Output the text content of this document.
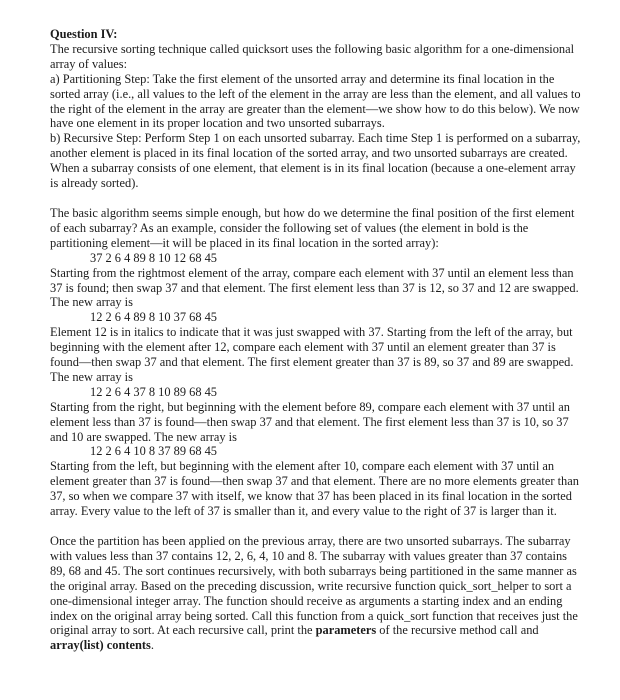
Question IV:

The recursive sorting technique called quicksort uses the following basic algorithm for a one-dimensional array of values:

a) Partitioning Step: Take the first element of the unsorted array and determine its final location in the sorted array (i.e., all values to the left of the element in the array are less than the element, and all values to the right of the element in the array are greater than the element—we show how to do this below). We now have one element in its proper location and two unsorted subarrays.

b) Recursive Step: Perform Step 1 on each unsorted subarray. Each time Step 1 is performed on a subarray, another element is placed in its final location of the sorted array, and two unsorted subarrays are created. When a subarray consists of one element, that element is in its final location (because a one-element array is already sorted).

The basic algorithm seems simple enough, but how do we determine the final position of the first element of each subarray? As an example, consider the following set of values (the element in bold is the partitioning element—it will be placed in its final location in the sorted array):

37 2 6 4 89 8 10 12 68 45

Starting from the rightmost element of the array, compare each element with 37 until an element less than 37 is found; then swap 37 and that element. The first element less than 37 is 12, so 37 and 12 are swapped. The new array is

12 2 6 4 89 8 10 37 68 45

Element 12 is in italics to indicate that it was just swapped with 37. Starting from the left of the array, but beginning with the element after 12, compare each element with 37 until an element greater than 37 is found—then swap 37 and that element. The first element greater than 37 is 89, so 37 and 89 are swapped. The new array is

12 2 6 4 37 8 10 89 68 45

Starting from the right, but beginning with the element before 89, compare each element with 37 until an element less than 37 is found—then swap 37 and that element. The first element less than 37 is 10, so 37 and 10 are swapped. The new array is

12 2 6 4 10 8 37 89 68 45

Starting from the left, but beginning with the element after 10, compare each element with 37 until an element greater than 37 is found—then swap 37 and that element. There are no more elements greater than 37, so when we compare 37 with itself, we know that 37 has been placed in its final location in the sorted array. Every value to the left of 37 is smaller than it, and every value to the right of 37 is larger than it.

Once the partition has been applied on the previous array, there are two unsorted subarrays. The subarray with values less than 37 contains 12, 2, 6, 4, 10 and 8. The subarray with values greater than 37 contains 89, 68 and 45. The sort continues recursively, with both subarrays being partitioned in the same manner as the original array. Based on the preceding discussion, write recursive function quick_sort_helper to sort a one-dimensional integer array. The function should receive as arguments a starting index and an ending index on the original array being sorted. Call this function from a quick_sort function that receives just the original array to sort. At each recursive call, print the parameters of the recursive method call and array(list) contents.
